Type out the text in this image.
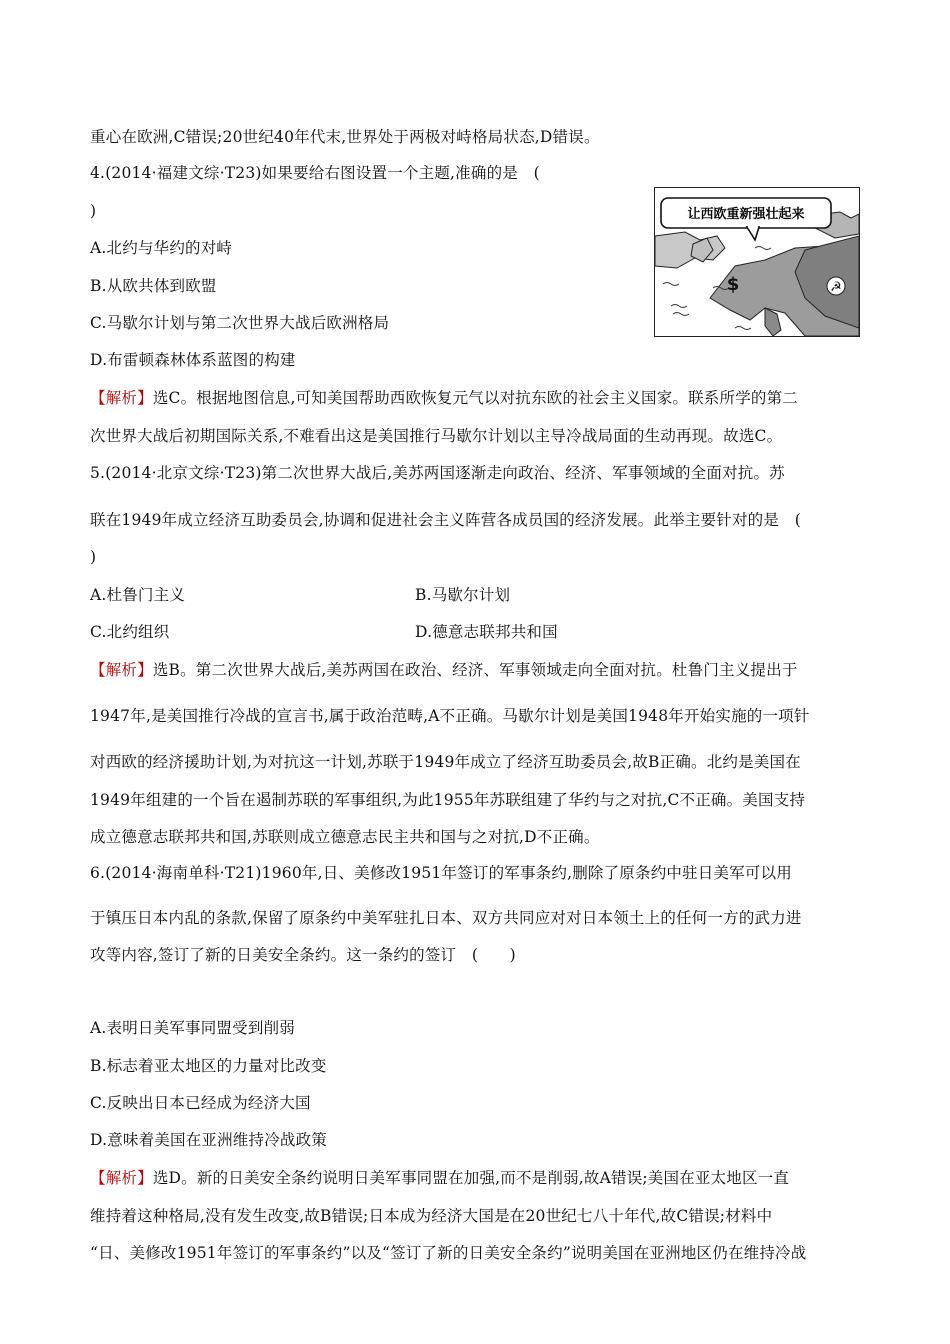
重心在欧洲,C错误;20世纪40年代末,世界处于两极对峙格局状态,D错误。
4.(2014·福建文综·T23)如果要给右图设置一个主题,准确的是　(
)
A.北约与华约的对峙
B.从欧共体到欧盟
C.马歇尔计划与第二次世界大战后欧洲格局
D.布雷顿森林体系蓝图的构建
【解析】选C。根据地图信息,可知美国帮助西欧恢复元气以对抗东欧的社会主义国家。联系所学的第二
次世界大战后初期国际关系,不难看出这是美国推行马歇尔计划以主导冷战局面的生动再现。故选C。
5.(2014·北京文综·T23)第二次世界大战后,美苏两国逐渐走向政治、经济、军事领域的全面对抗。苏
联在1949年成立经济互助委员会,协调和促进社会主义阵营各成员国的经济发展。此举主要针对的是　(
)
A.杜鲁门主义	B.马歇尔计划
C.北约组织	D.德意志联邦共和国
【解析】选B。第二次世界大战后,美苏两国在政治、经济、军事领域走向全面对抗。杜鲁门主义提出于
1947年,是美国推行冷战的宣言书,属于政治范畴,A不正确。马歇尔计划是美国1948年开始实施的一项针
对西欧的经济援助计划,为对抗这一计划,苏联于1949年成立了经济互助委员会,故B正确。北约是美国在
1949年组建的一个旨在遏制苏联的军事组织,为此1955年苏联组建了华约与之对抗,C不正确。美国支持
成立德意志联邦共和国,苏联则成立德意志民主共和国与之对抗,D不正确。
6.(2014·海南单科·T21)1960年,日、美修改1951年签订的军事条约,删除了原条约中驻日美军可以用
于镇压日本内乱的条款,保留了原条约中美军驻扎日本、双方共同应对对日本领土上的任何一方的武力进
攻等内容,签订了新的日美安全条约。这一条约的签订　(　　)
A.表明日美军事同盟受到削弱
B.标志着亚太地区的力量对比改变
C.反映出日本已经成为经济大国
D.意味着美国在亚洲维持冷战政策
【解析】选D。新的日美安全条约说明日美军事同盟在加强,而不是削弱,故A错误;美国在亚太地区一直
维持着这种格局,没有发生改变,故B错误;日本成为经济大国是在20世纪七八十年代,故C错误;材料中
“日、美修改1951年签订的军事条约”以及“签订了新的日美安全条约”说明美国在亚洲地区仍在维持冷战
让西欧重新强壮起来
$	☭
